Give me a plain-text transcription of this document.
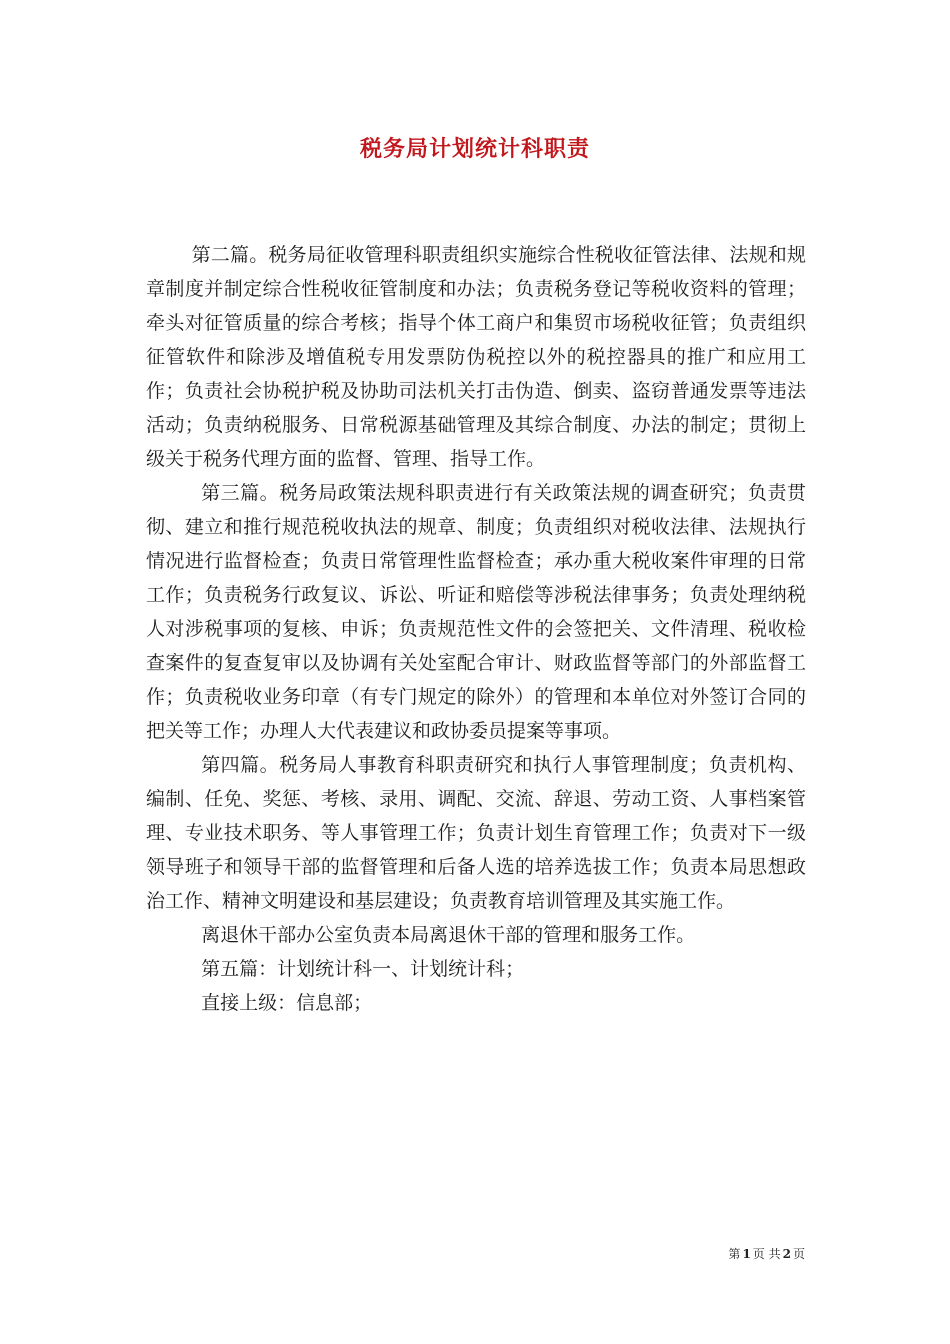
税务局计划统计科职责

第二篇。税务局征收管理科职责组织实施综合性税收征管法律、法规和规章制度并制定综合性税收征管制度和办法；负责税务登记等税收资料的管理；牵头对征管质量的综合考核；指导个体工商户和集贸市场税收征管；负责组织征管软件和除涉及增值税专用发票防伪税控以外的税控器具的推广和应用工作；负责社会协税护税及协助司法机关打击伪造、倒卖、盗窃普通发票等违法活动；负责纳税服务、日常税源基础管理及其综合制度、办法的制定；贯彻上级关于税务代理方面的监督、管理、指导工作。

第三篇。税务局政策法规科职责进行有关政策法规的调查研究；负责贯彻、建立和推行规范税收执法的规章、制度；负责组织对税收法律、法规执行情况进行监督检查；负责日常管理性监督检查；承办重大税收案件审理的日常工作；负责税务行政复议、诉讼、听证和赔偿等涉税法律事务；负责处理纳税人对涉税事项的复核、申诉；负责规范性文件的会签把关、文件清理、税收检查案件的复查复审以及协调有关处室配合审计、财政监督等部门的外部监督工作；负责税收业务印章（有专门规定的除外）的管理和本单位对外签订合同的把关等工作；办理人大代表建议和政协委员提案等事项。

第四篇。税务局人事教育科职责研究和执行人事管理制度；负责机构、编制、任免、奖惩、考核、录用、调配、交流、辞退、劳动工资、人事档案管理、专业技术职务、等人事管理工作；负责计划生育管理工作；负责对下一级领导班子和领导干部的监督管理和后备人选的培养选拔工作；负责本局思想政治工作、精神文明建设和基层建设；负责教育培训管理及其实施工作。

离退休干部办公室负责本局离退休干部的管理和服务工作。

第五篇：计划统计科一、计划统计科；

直接上级：信息部；

第 1 页 共 2 页
